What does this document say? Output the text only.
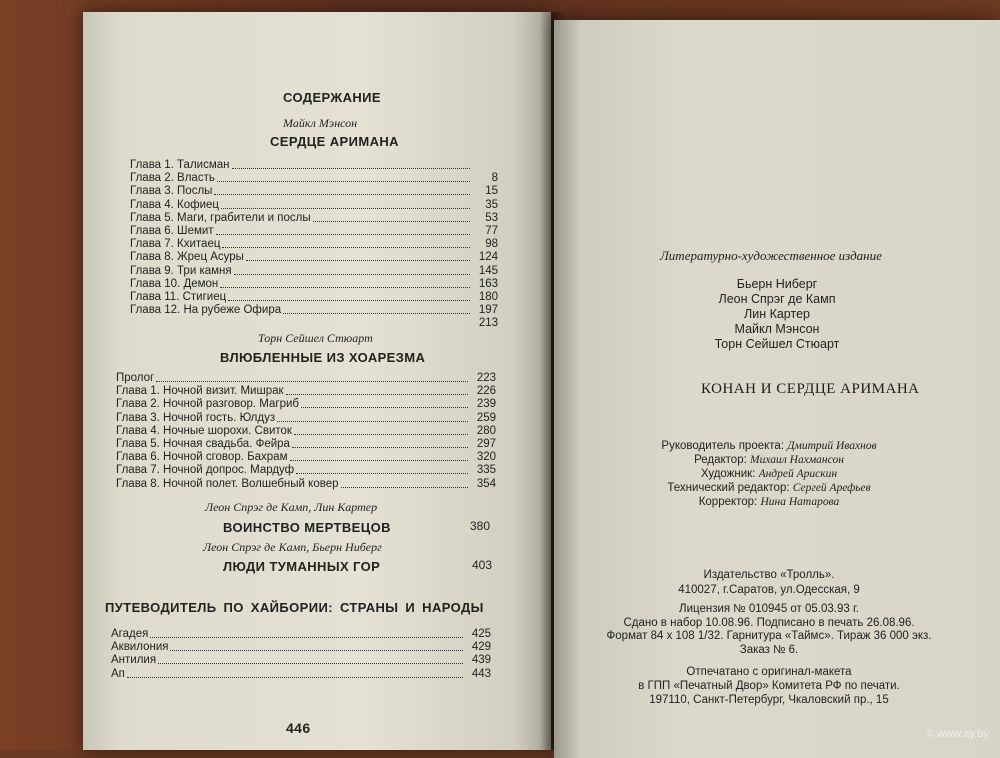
СОДЕРЖАНИЕ
Майкл Мэнсон
СЕРДЦЕ АРИМАНА
Глава 1. Талисман
Глава 2. Власть	8
Глава 3. Послы	15
Глава 4. Кофиец	35
Глава 5. Маги, грабители и послы	53
Глава 6. Шемит	77
Глава 7. Кхитаец	98
Глава 8. Жрец Асуры	124
Глава 9. Три камня	145
Глава 10. Демон	163
Глава 11. Стигиец	180
Глава 12. На рубеже Офира	197
213
Торн Сейшел Стюарт
ВЛЮБЛЕННЫЕ ИЗ ХОАРЕЗМА
Пролог	223
Глава 1. Ночной визит. Мишрак	226
Глава 2. Ночной разговор. Магриб	239
Глава 3. Ночной гость. Юлдуз	259
Глава 4. Ночные шорохи. Свиток	280
Глава 5. Ночная свадьба. Фейра	297
Глава 6. Ночной сговор. Бахрам	320
Глава 7. Ночной допрос. Мардуф	335
Глава 8. Ночной полет. Волшебный ковер	354
Леон Спрэг де Камп, Лин Картер
ВОИНСТВО МЕРТВЕЦОВ	380
Леон Спрэг де Камп, Бьерн Ниберг
ЛЮДИ ТУМАННЫХ ГОР	403
ПУТЕВОДИТЕЛЬ ПО ХАЙБОРИИ: СТРАНЫ И НАРОДЫ
Агадея	425
Аквилония	429
Антилия	439
Ап	443
446
Литературно-художественное издание
Бьерн Ниберг
Леон Спрэг де Камп
Лин Картер
Майкл Мэнсон
Торн Сейшел Стюарт
КОНАН И СЕРДЦЕ АРИМАНА
Руководитель проекта: Дмитрий Ивахнов
Редактор: Михаил Нахмансон
Художник: Андрей Арискин
Технический редактор: Сергей Арефьев
Корректор: Нина Натарова
Издательство «Тролль».
410027, г.Саратов, ул.Одесская, 9
Лицензия № 010945 от 05.03.93 г.
Сдано в набор 10.08.96. Подписано в печать 26.08.96.
Формат 84 х 108 1/32. Гарнитура «Таймс». Тираж 36 000 экз.
Заказ № 6.
Отпечатано с оригинал-макета
в ГПП «Печатный Двор» Комитета РФ по печати.
197110, Санкт-Петербург, Чкаловский пр., 15
© www.ay.by
